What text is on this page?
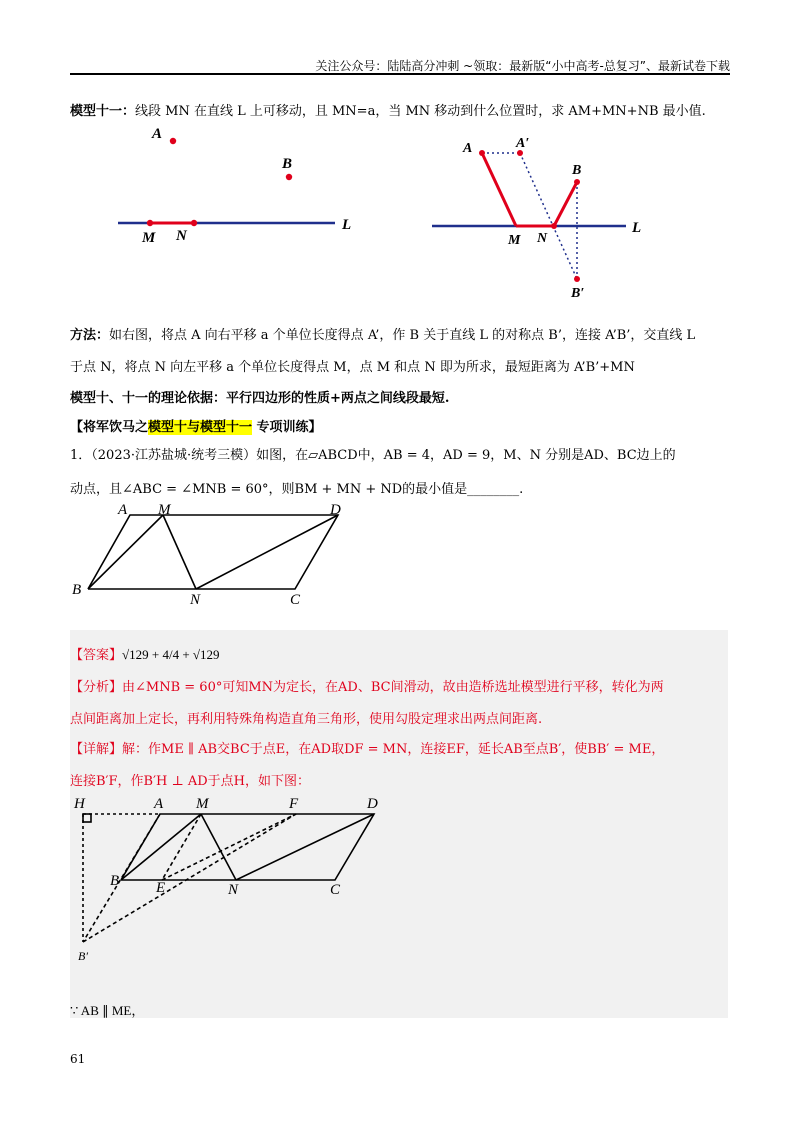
关注公众号：陆陆高分冲刺 ~领取：最新版“小中高考-总复习”、最新试卷下载
模型十一：线段 MN 在直线 L 上可移动，且 MN=a，当 MN 移动到什么位置时，求 AM+MN+NB 最小值.
A
B
M N
L
A	A′
B
B′
M N
L
方法：如右图，将点 A 向右平移 a 个单位长度得点 A’，作 B 关于直线 L 的对称点 B’，连接 A’B’，交直线 L
于点 N，将点 N 向左平移 a 个单位长度得点 M，点 M 和点 N 即为所求，最短距离为 A’B’+MN
模型十、十一的理论依据：平行四边形的性质+两点之间线段最短.
【将军饮马之模型十与模型十一 专项训练】
1．（2023·江苏盐城·统考三模）如图，在▱ABCD中，AB = 4，AD = 9，M、N 分别是AD、BC边上的
动点，且∠ABC = ∠MNB = 60°，则BM + MN + ND的最小值是________.
A M	D
B
N	C
【答案】√129 + 4/4 + √129
【分析】由∠MNB = 60°可知MN为定长，在AD、BC间滑动，故由造桥选址模型进行平移，转化为两
点间距离加上定长，再利用特殊角构造直角三角形，使用勾股定理求出两点间距离.
【详解】解：作ME ∥ AB交BC于点E，在AD取DF = MN，连接EF，延长AB至点B′，使BB′ = ME，
连接B′F，作B′H ⊥ AD于点H，如下图：
H	A M	F	D
B E	N	C
B′
∵ AB ∥ ME，
61
